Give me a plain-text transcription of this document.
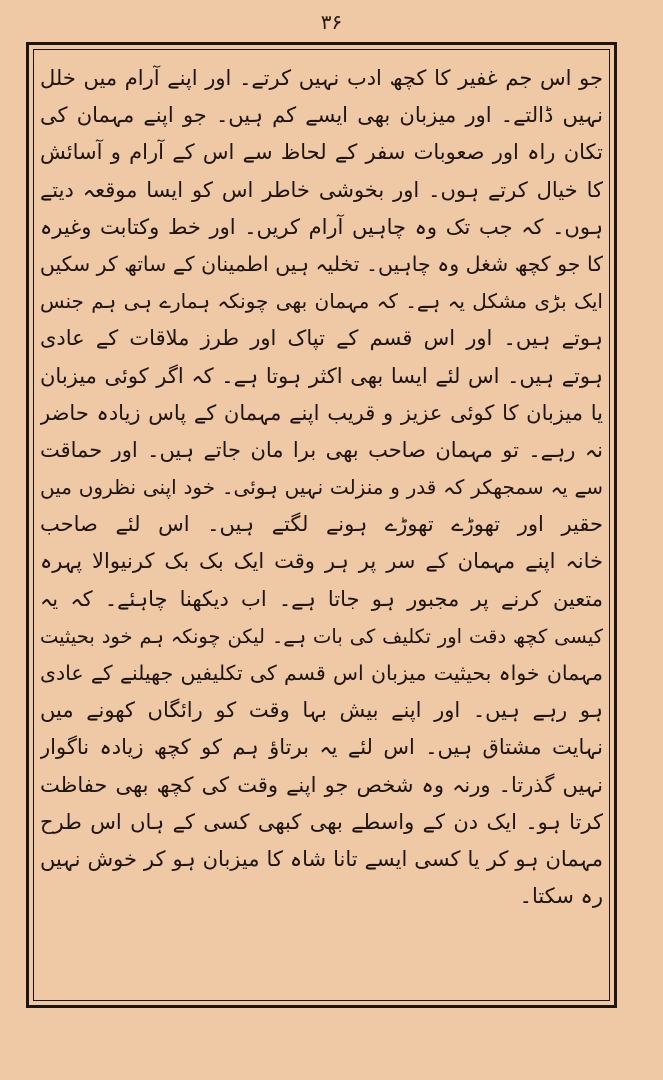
۳۶
جو اس جم غفیر کا کچھ ادب نہیں کرتے۔ اور اپنے آرام میں خلل
نہیں ڈالتے۔ اور میزبان بھی ایسے کم ہیں۔ جو اپنے مہمان کی
تکان راہ اور صعوبات سفر کے لحاظ سے اس کے آرام و آسائش
کا خیال کرتے ہوں۔ اور بخوشی خاطر اس کو ایسا موقعہ دیتے
ہوں۔ کہ جب تک وہ چاہیں آرام کریں۔ اور خط وکتابت وغیرہ
کا جو کچھ شغل وہ چاہیں۔ تخلیہ ہیں اطمینان کے ساتھ کر سکیں
ایک بڑی مشکل یہ ہے۔ کہ مہمان بھی چونکہ ہمارے ہی ہم جنس
ہوتے ہیں۔ اور اس قسم کے تپاک اور طرز ملاقات کے عادی
ہوتے ہیں۔ اس لئے ایسا بھی اکثر ہوتا ہے۔ کہ اگر کوئی میزبان
یا میزبان کا کوئی عزیز و قریب اپنے مہمان کے پاس زیادہ حاضر
نہ رہے۔ تو مہمان صاحب بھی برا مان جاتے ہیں۔ اور حماقت
سے یہ سمجھکر کہ قدر و منزلت نہیں ہوئی۔ خود اپنی نظروں میں
حقیر اور تھوڑے تھوڑے ہونے لگتے ہیں۔ اس لئے صاحب
خانہ اپنے مہمان کے سر پر ہر وقت ایک بک بک کرنیوالا پہرہ
متعین کرنے پر مجبور ہو جاتا ہے۔ اب دیکھنا چاہئے۔ کہ یہ
کیسی کچھ دقت اور تکلیف کی بات ہے۔ لیکن چونکہ ہم خود بحیثیت
مہمان خواہ بحیثیت میزبان اس قسم کی تکلیفیں جھیلنے کے عادی
ہو رہے ہیں۔ اور اپنے بیش بہا وقت کو رائگاں کھونے میں
نہایت مشتاق ہیں۔ اس لئے یہ برتاؤ ہم کو کچھ زیادہ ناگوار
نہیں گذرتا۔ ورنہ وہ شخص جو اپنے وقت کی کچھ بھی حفاظت
کرتا ہو۔ ایک دن کے واسطے بھی کبھی کسی کے ہاں اس طرح
مہمان ہو کر یا کسی ایسے تانا شاہ کا میزبان ہو کر خوش نہیں
رہ سکتا۔
